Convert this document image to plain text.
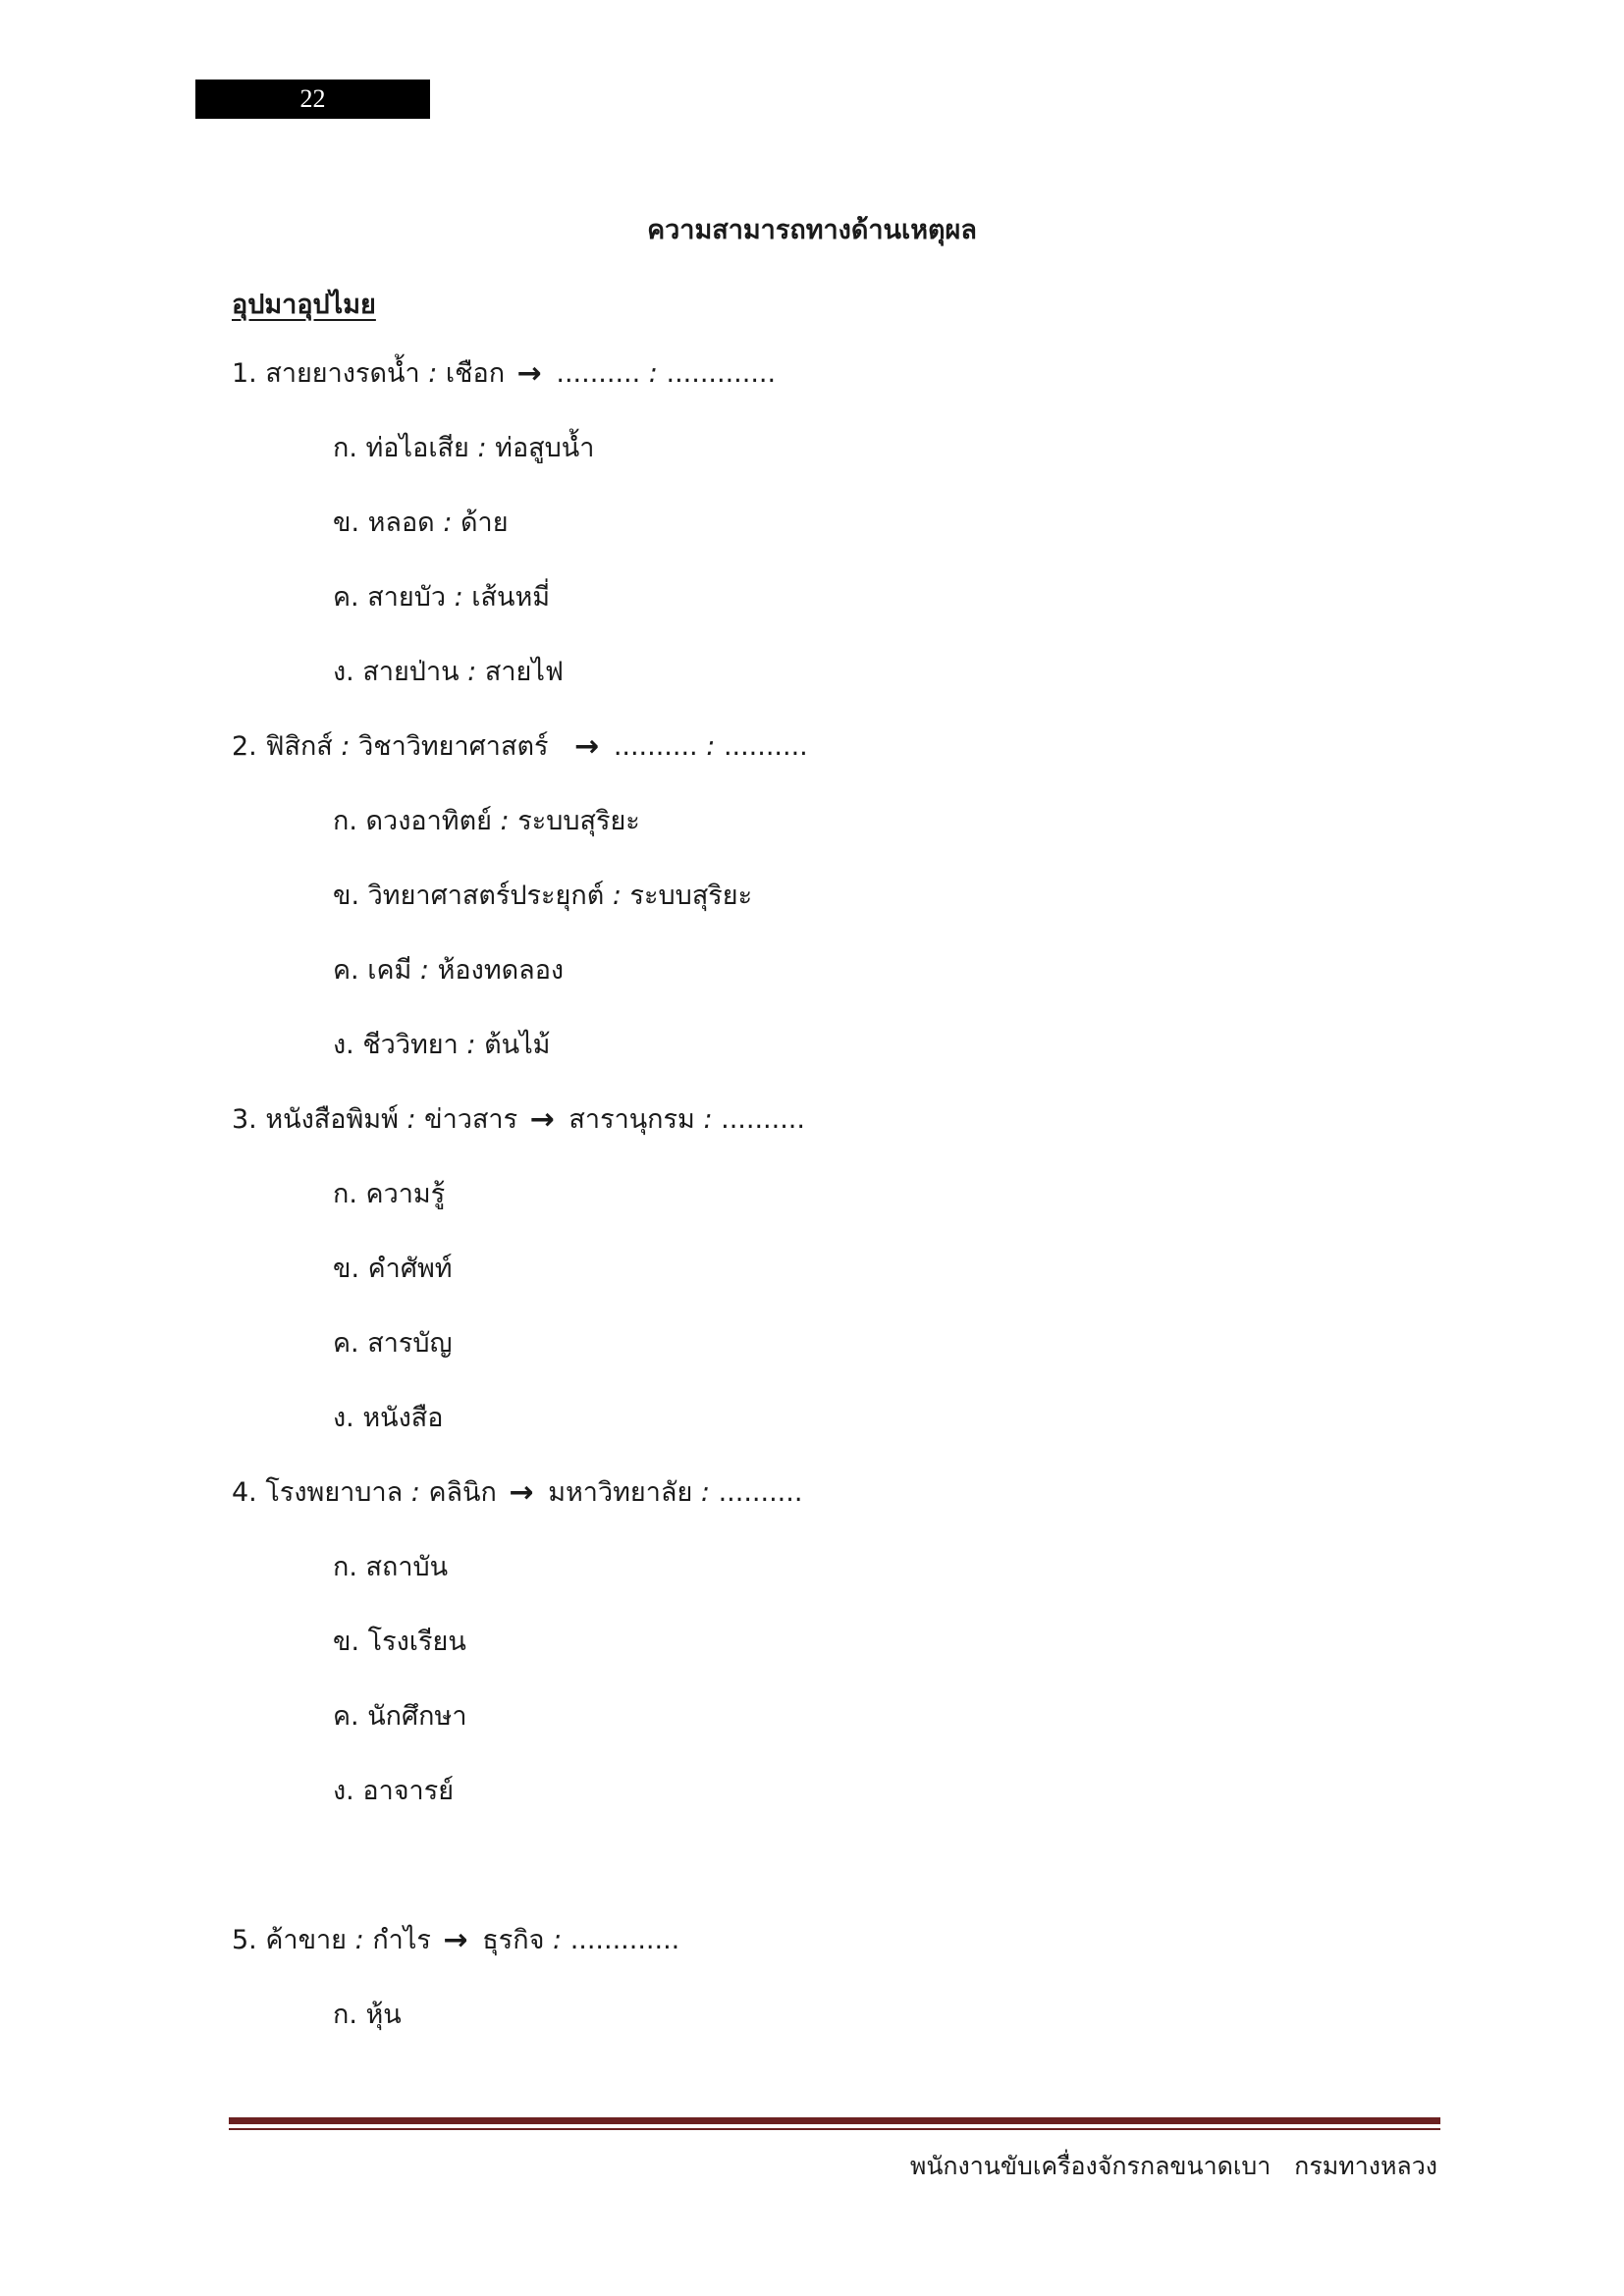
22
ความสามารถทางด้านเหตุผล
อุปมาอุปไมย
1. สายยางรดน้ำ : เชือก → .......... : .............
ก. ท่อไอเสีย : ท่อสูบน้ำ
ข. หลอด : ด้าย
ค. สายบัว : เส้นหมี่
ง. สายป่าน : สายไฟ
2. ฟิสิกส์ : วิชาวิทยาศาสตร์ → .......... : ..........
ก. ดวงอาทิตย์ : ระบบสุริยะ
ข. วิทยาศาสตร์ประยุกต์ : ระบบสุริยะ
ค. เคมี : ห้องทดลอง
ง. ชีววิทยา : ต้นไม้
3. หนังสือพิมพ์ : ข่าวสาร → สารานุกรม : ..........
ก. ความรู้
ข. คำศัพท์
ค. สารบัญ
ง. หนังสือ
4. โรงพยาบาล : คลินิก → มหาวิทยาลัย : ..........
ก. สถาบัน
ข. โรงเรียน
ค. นักศึกษา
ง. อาจารย์
5. ค้าขาย : กำไร → ธุรกิจ : .............
ก. หุ้น
พนักงานขับเครื่องจักรกลขนาดเบา   กรมทางหลวง
